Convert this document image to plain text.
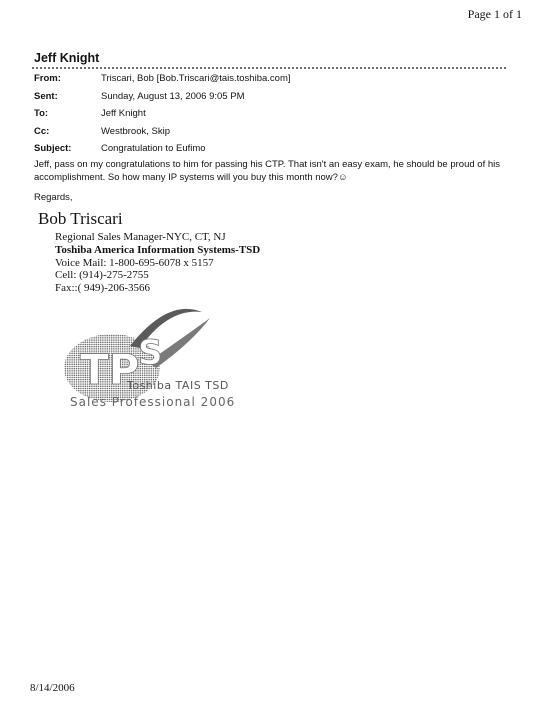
Page 1 of 1
Jeff Knight
From:	Triscari, Bob [Bob.Triscari@tais.toshiba.com]
Sent:	Sunday, August 13, 2006 9:05 PM
To:	Jeff Knight
Cc:	Westbrook, Skip
Subject:	Congratulation to Eufimo
Jeff, pass on my congratulations to him for passing his CTP. That isn't an easy exam, he should be proud of his accomplishment. So how many IP systems will you buy this month now?☺
Regards,
Bob Triscari
Regional Sales Manager-NYC, CT, NJ
Toshiba America Information Systems-TSD
Voice Mail: 1-800-695-6078 x 5157
Cell: (914)-275-2755
Fax::( 949)-206-3566
TP
S
Toshiba TAIS TSD
Sales Professional 2006
8/14/2006
